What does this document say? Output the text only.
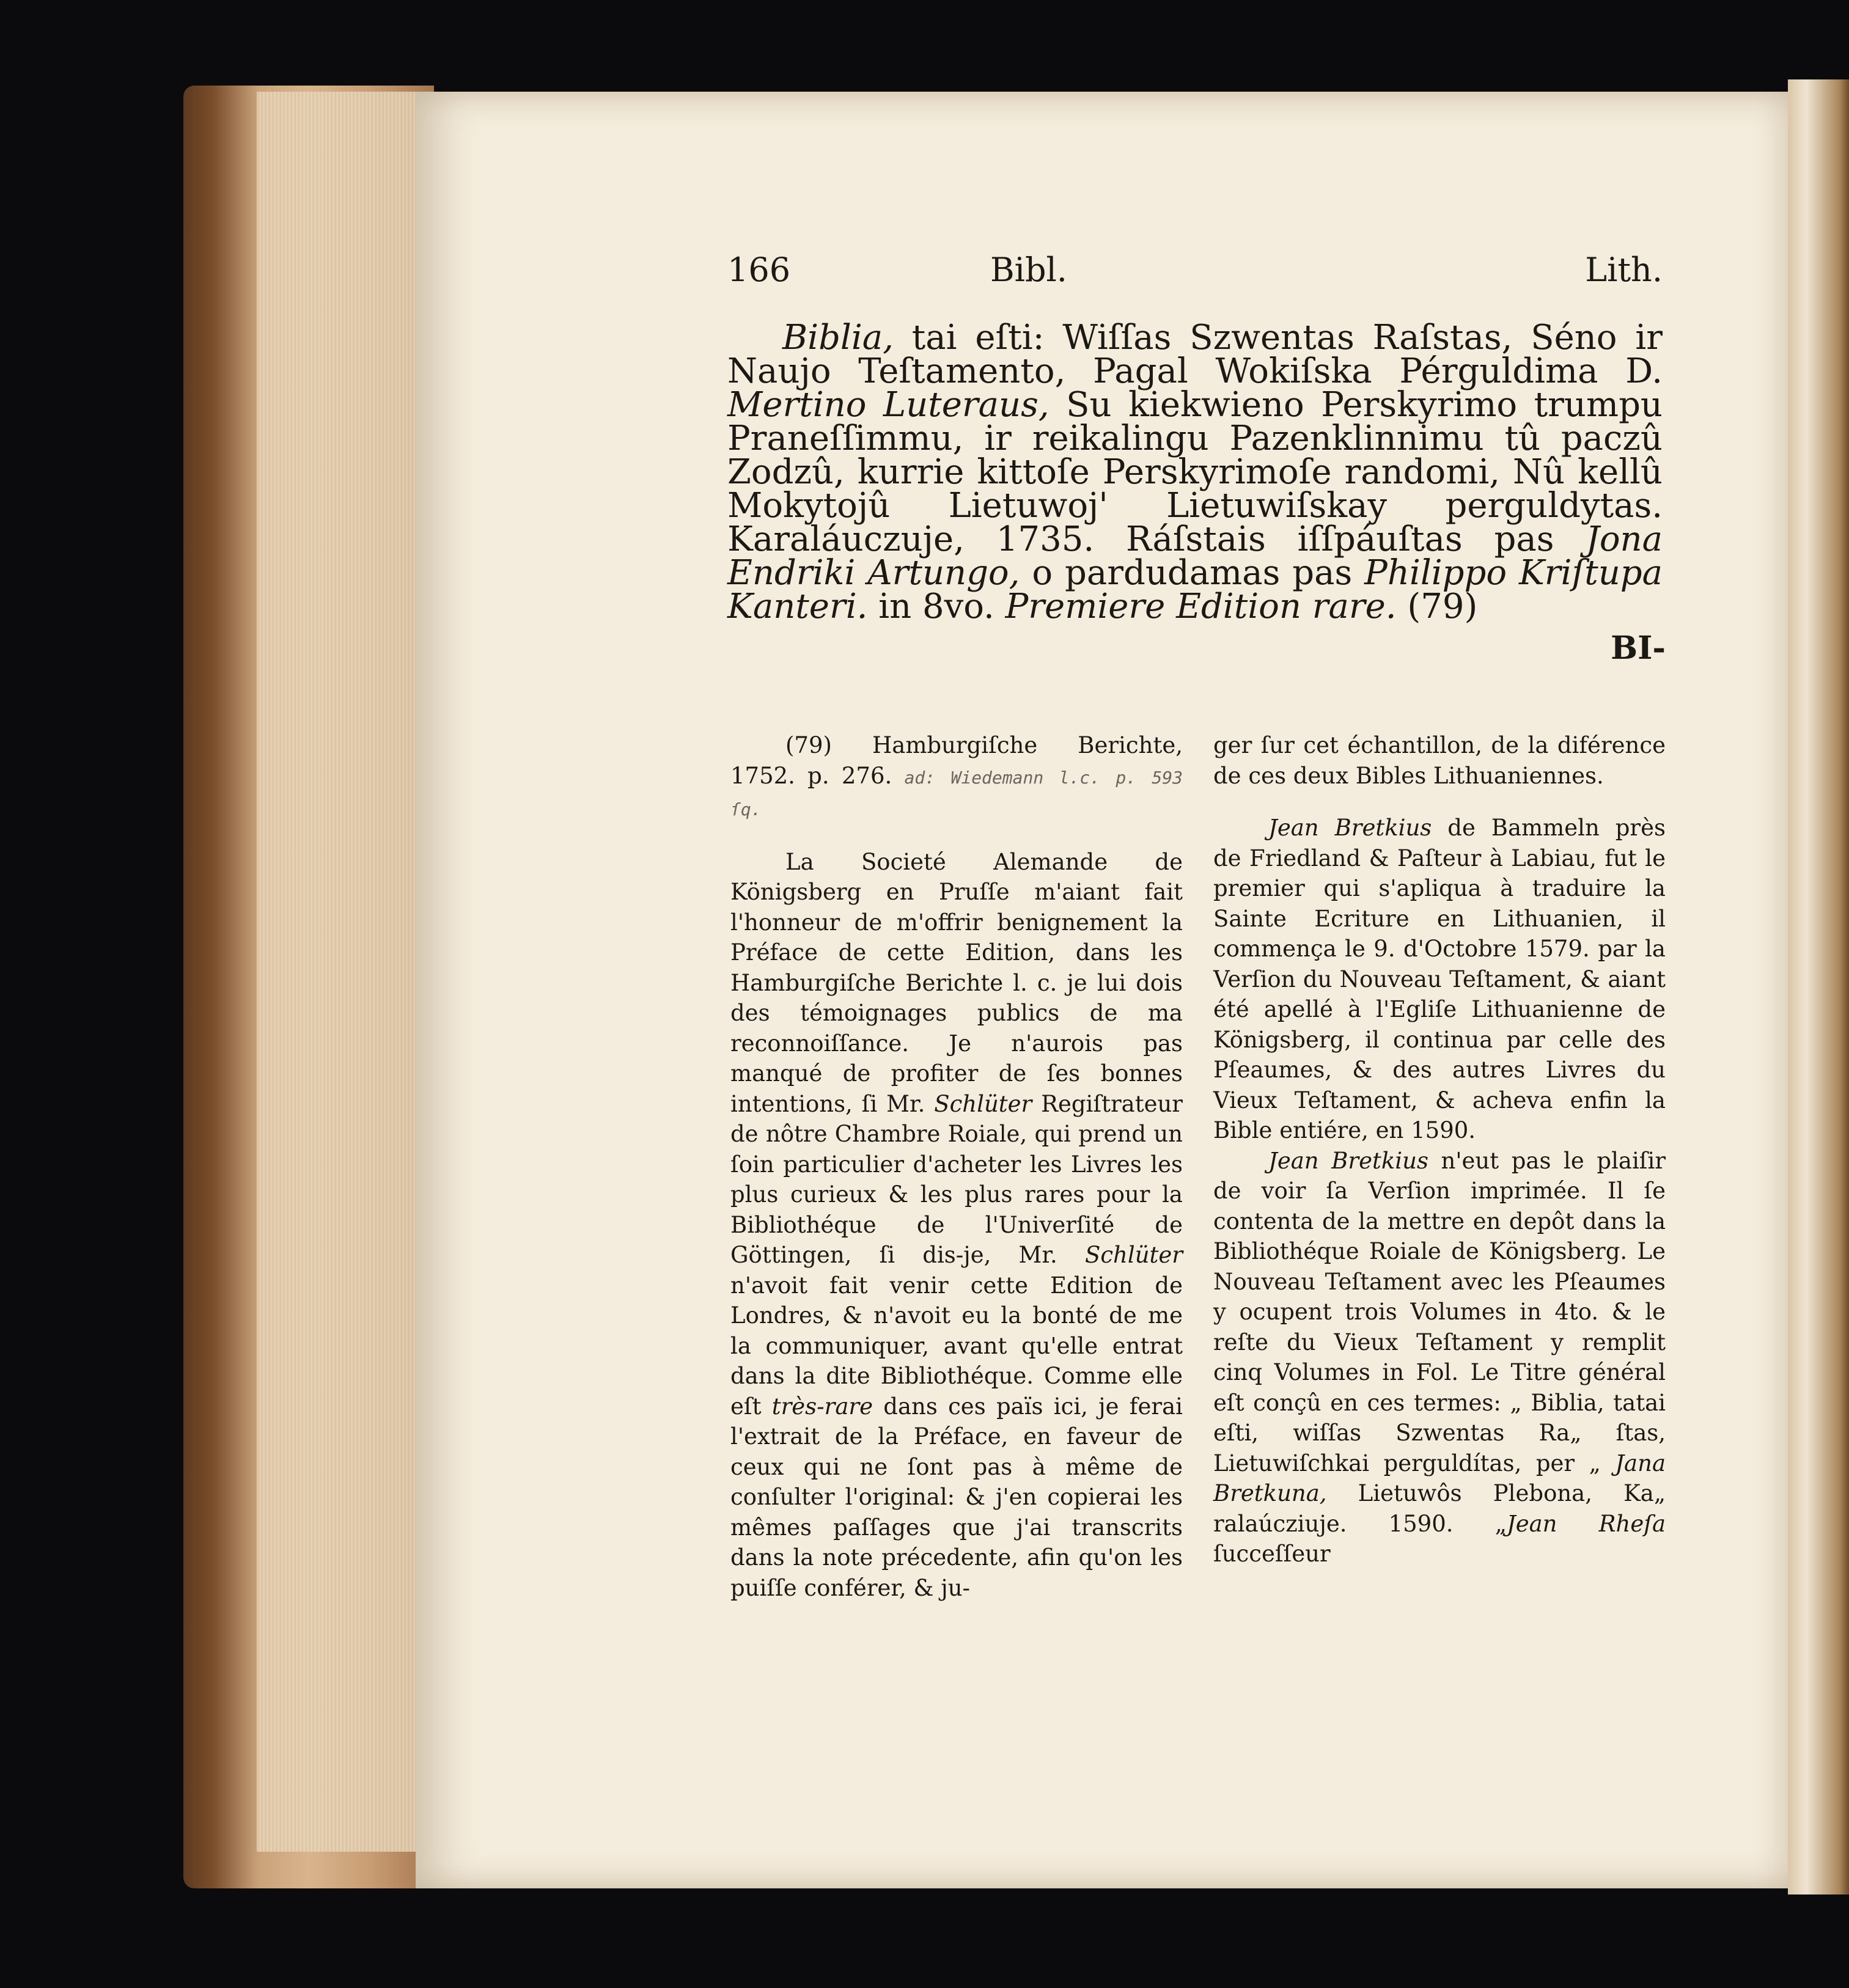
166	Bibl.	Lith.

Biblia, tai eſti: Wiſſas Szwentas Raſstas, Séno ir Naujo Teſtamento, Pagal Wokiſska Pérguldima D. Mertino Luteraus, Su kiekwieno Perskyrimo trumpu Praneſſimmu, ir reikalingu Pazenklinnimu tû paczû Zodzû, kurrie kittoſe Perskyrimoſe randomi, Nû kellû Mokytojû Lietuwoj' Lietuwiſskay perguldytas. Karaláuczuje, 1735. Ráſstais iſſpáuſtas pas Jona Endriki Artungo, o pardudamas pas Philippo Kriſtupa Kanteri. in 8vo. Premiere Edition rare. (79)

BI-

(79) Hamburgiſche Berichte, 1752. p. 276. ad: Wiedemann l.c. p. 593 ſq.

La Societé Alemande de Königsberg en Pruſſe m'aiant fait l'honneur de m'offrir benignement la Préface de cette Edition, dans les Hamburgiſche Berichte l. c. je lui dois des témoignages publics de ma reconnoiſſance. Je n'aurois pas manqué de profiter de ſes bonnes intentions, ſi Mr. Schlüter Regiſtrateur de nôtre Chambre Roiale, qui prend un ſoin particulier d'acheter les Livres les plus curieux & les plus rares pour la Bibliothéque de l'Univerſité de Göttingen, ſi dis-je, Mr. Schlüter n'avoit fait venir cette Edition de Londres, & n'avoit eu la bonté de me la communiquer, avant qu'elle entrat dans la dite Bibliothéque. Comme elle eſt très-rare dans ces païs ici, je ferai l'extrait de la Préface, en faveur de ceux qui ne ſont pas à même de conſulter l'original: & j'en copierai les mêmes paſſages que j'ai transcrits dans la note précedente, afin qu'on les puiſſe conférer, & ju-

ger ſur cet échantillon, de la diférence de ces deux Bibles Lithuaniennes.

Jean Bretkius de Bammeln près de Friedland & Paſteur à Labiau, fut le premier qui s'apliqua à traduire la Sainte Ecriture en Lithuanien, il commença le 9. d'Octobre 1579. par la Verſion du Nouveau Teſtament, & aiant été apellé à l'Egliſe Lithuanienne de Königsberg, il continua par celle des Pſeaumes, & des autres Livres du Vieux Teſtament, & acheva enfin la Bible entiére, en 1590.

Jean Bretkius n'eut pas le plaiſir de voir ſa Verſion imprimée. Il ſe contenta de la mettre en depôt dans la Bibliothéque Roiale de Königsberg. Le Nouveau Teſtament avec les Pſeaumes y ocupent trois Volumes in 4to. & le reſte du Vieux Teſtament y remplit cinq Volumes in Fol. Le Titre général eſt conçû en ces termes: „ Biblia, tatai eſti, wiſſas Szwentas Ra„ ſtas, Lietuwiſchkai perguldítas, per „ Jana Bretkuna, Lietuwôs Plebona, Ka„ ralaúcziuje. 1590. „Jean Rheſa ſucceſſeur
